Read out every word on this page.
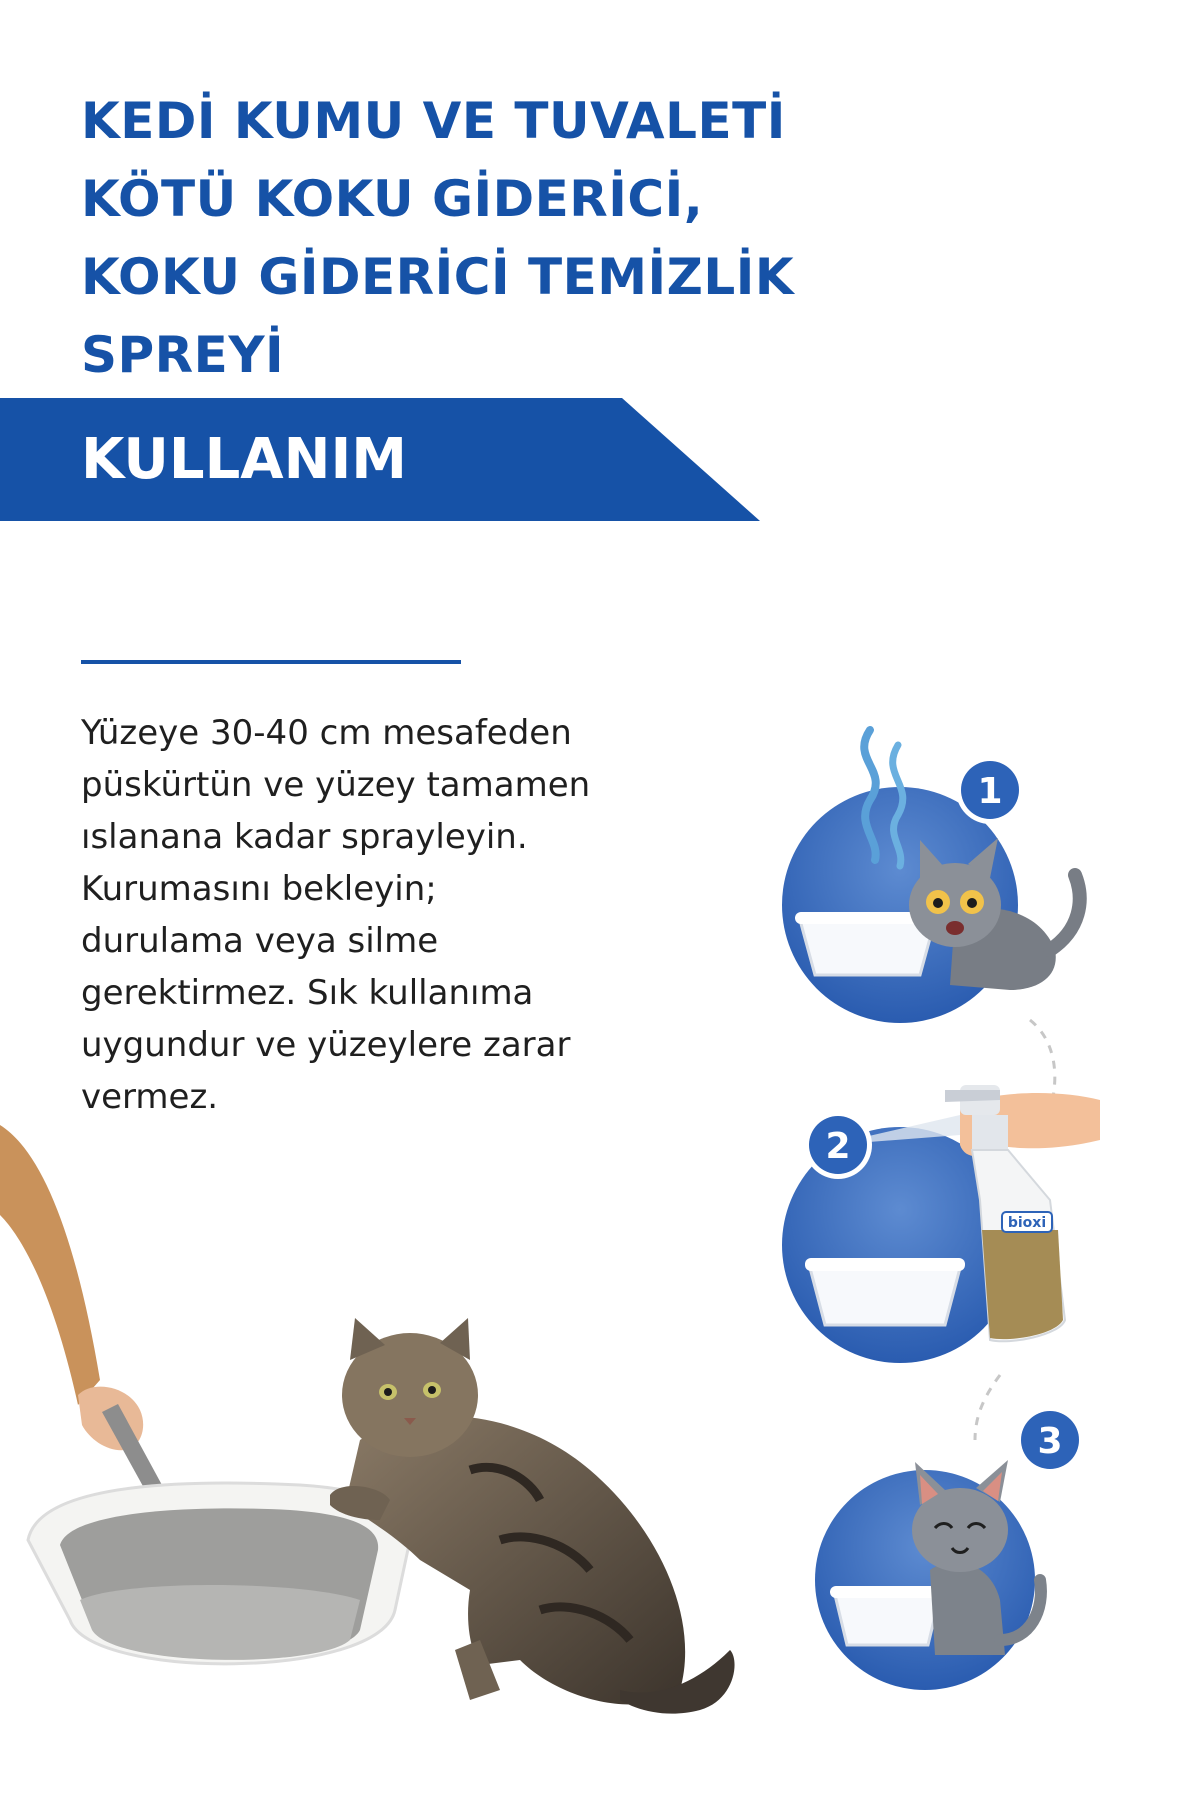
KEDİ KUMU VE TUVALETİ
KÖTÜ KOKU GİDERİCİ,
KOKU GİDERİCİ TEMİZLİK
SPREYİ
KULLANIM

Yüzeye 30-40 cm mesafeden
püskürtün ve yüzey tamamen
ıslanana kadar sprayleyin.
Kurumasını bekleyin;
durulama veya silme
gerektirmez. Sık kullanıma
uygundur ve yüzeylere zarar
vermez.

1
bioxi
2
3
